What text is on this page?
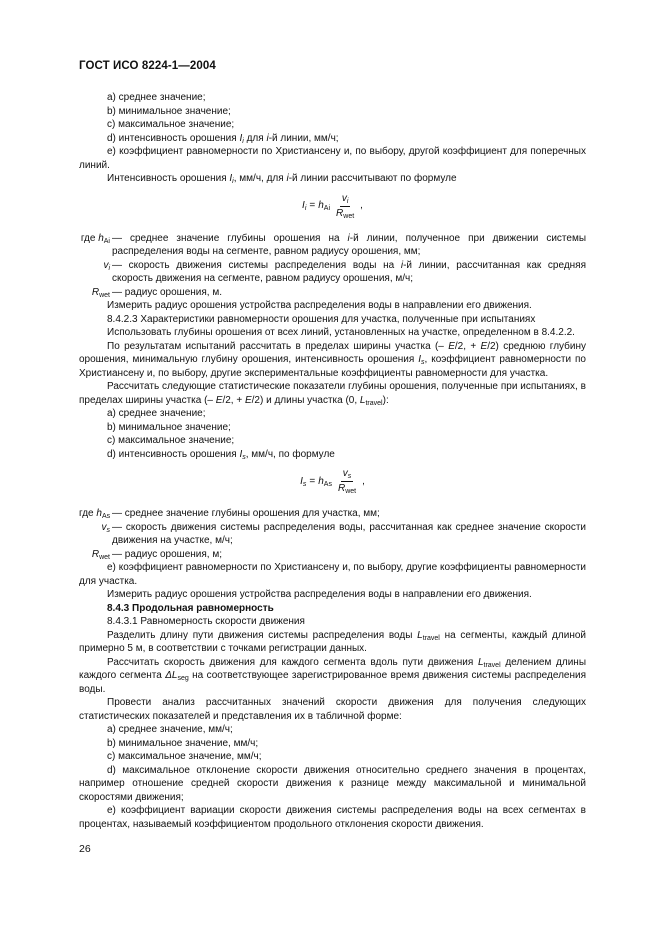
ГОСТ ИСО 8224-1—2004

a) среднее значение;

b) минимальное значение;

c) максимальное значение;

d) интенсивность орошения $I_i$ для i-й линии, мм/ч;

e) коэффициент равномерности по Христиансену и, по выбору, другой коэффициент для поперечных линий.

Интенсивность орошения $I_i$, мм/ч, для i-й линии рассчитывают по формуле

$I_i = h_{Ai} \frac{v_i}{R_{wet}}$ ,
где $h_{Ai}$ — среднее значение глубины орошения на i-й линии, полученное при движении системы распределения воды на сегменте, равном радиусу орошения, мм;
$v_i$ — скорость движения системы распределения воды на i-й линии, рассчитанная как средняя скорость движения на сегменте, равном радиусу орошения, м/ч;
$R_{wet}$ — радиус орошения, м.

Измерить радиус орошения устройства распределения воды в направлении его движения.

8.4.2.3 Характеристики равномерности орошения для участка, полученные при испытаниях

Использовать глубины орошения от всех линий, установленных на участке, определенном в 8.4.2.2.

По результатам испытаний рассчитать в пределах ширины участка (– E/2, + E/2) среднюю глубину орошения, минимальную глубину орошения, интенсивность орошения $I_s$, коэффициент равномерности по Христиансену и, по выбору, другие экспериментальные коэффициенты равномерности для участка.

Рассчитать следующие статистические показатели глубины орошения, полученные при испытаниях, в пределах ширины участка (– E/2, + E/2) и длины участка (0, $L_{travel}$):

a) среднее значение;

b) минимальное значение;

c) максимальное значение;

d) интенсивность орошения $I_s$, мм/ч, по формуле

$I_s = h_{As} \frac{v_s}{R_{wet}}$ ,
где $h_{As}$ — среднее значение глубины орошения для участка, мм;
$v_s$ — скорость движения системы распределения воды, рассчитанная как среднее значение скорости движения на участке, м/ч;
$R_{wet}$ — радиус орошения, м;

e) коэффициент равномерности по Христиансену и, по выбору, другие коэффициенты равномерности для участка.

Измерить радиус орошения устройства распределения воды в направлении его движения.

8.4.3 Продольная равномерность

8.4.3.1 Равномерность скорости движения

Разделить длину пути движения системы распределения воды $L_{travel}$ на сегменты, каждый длиной примерно 5 м, в соответствии с точками регистрации данных.

Рассчитать скорость движения для каждого сегмента вдоль пути движения $L_{travel}$ делением длины каждого сегмента $\Delta L_{seg}$ на соответствующее зарегистрированное время движения системы распределения воды.

Провести анализ рассчитанных значений скорости движения для получения следующих статистических показателей и представления их в табличной форме:

a) среднее значение, мм/ч;

b) минимальное значение, мм/ч;

c) максимальное значение, мм/ч;

d) максимальное отклонение скорости движения относительно среднего значения в процентах, например отношение средней скорости движения к разнице между максимальной и минимальной скоростями движения;

e) коэффициент вариации скорости движения системы распределения воды на всех сегментах в процентах, называемый коэффициентом продольного отклонения скорости движения.

26
